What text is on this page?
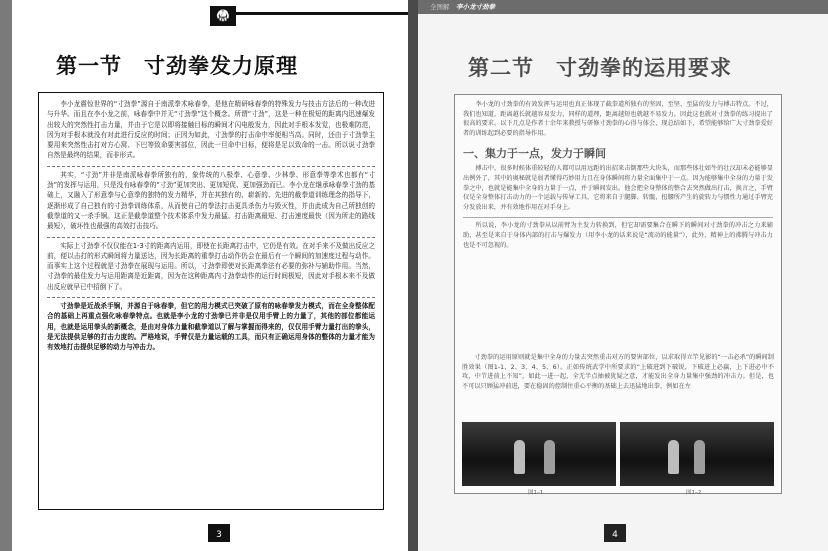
🥋
第一节　寸劲拳发力原理

李小龙震惊世界的“寸劲拳”源自于南派拳术咏春拳，是他在精研咏春拳的特殊发力与技击方法后的一种改进与升华。而且在李小龙之前，咏春拳中并无“寸劲拳”这个概念。所谓“寸劲”，这是一种在极短的距离内迅速爆发出较大的突然性打击力量，并由于它是以即将接触目标的瞬间才闪电般发力，因此对手根本发觉，也极难防范，因为对手根本就没有对此进行反应的时间；正因为如此，寸劲拳的打击命中率便相当高。同时，还由于寸劲拳主要用来突然性击打对方心窝、下巴等致命要害部位，因此一旦命中目标，便将是足以致命的一击。所以说寸劲拳自然是最终的结果，而非形式。

其实，“寸劲”并非是南派咏春拳所独有的，象传统的八极拳、心意拳、少林拳、形意拳等拳术也都有“寸劲”的发挥与运用，只是没有咏春拳的“寸劲”更加突出、更加短促、更加强劲而已。李小龙在继承咏春拳寸劲的基础上，又融入了形意拳与心意拳的独特的发力精华，并在其独有的、崭新的、先进的截拳道训练理念的指导下，逐渐形成了自己独有的寸劲拳训练体系，从而使自己的拳法打击更具杀伤力与毁灭性，并由此成为自己所独创的截拳道的又一杀手锏。这正是截拳道整个技术体系中发力最猛、打击距离最短、打击速度最快（因为所走的路线最短），破坏性也最强的高效打击技巧。

实际上寸劲拳不仅仅能在1-3寸的距离内运用，即使在长距离打击中，它仍是有效。在对手来不及做出反应之前，便以击打的形式瞬间将力量送达，因为长距离的重拳打击动作仍会在最后有一个瞬间的加速度过程与动作。而事实上这个过程就是寸劲拳在展现与运用。所以，寸劲拳即使对长距离拳法有必要的弥补与辅助作用。当然，寸劲拳的最佳发力与运用距离是近距离，因为在这种距离内寸劲拳动作的运行时间极短，因此对手根本来不及做出反应就早已中招倒下了。

寸劲拳是近战杀手锏，并源自于咏春拳，但它的用力模式已突破了原有的咏春拳发力模式，而在全身整体配合的基础上再重点强化咏春拳特点。也就是李小龙的寸劲拳已并非是仅用手臂上的力量了，其他的部位都能运用，也就是运用拳头的新概念，是由对身体力量和截拳道以了解与掌握而得来的，仅仅用手臂力量打出的拳头，是无法提供足够的打击力度的。严格地说，手臂仅是力量运载的工具，而只有正确运用身体的整体的力量才能为有效地打击提供足够的动力与冲击力。

3
全图解 李小龙寸劲拳
第二节　寸劲拳的运用要求

李小龙的寸劲拳的有效发挥与运用也真正体现了截拳道所独有的坚固、至坚、至猛的发力与搏击特点。不过，我们也知道，距离越长就越容易发力，同样的道理，距离越短也就越不易发力。因此这也就对寸劲拳的练习提出了很高的要求。以下几点是作者十余年来教授与研修寸劲拳的心得与体会，现总结如下，希望能够给广大寸劲拳爱好者的训练起到必要的指导作用。

一、集力于一点，发力于瞬间

搏击中，很多时候体重较轻的人都可以用远距的出招来击倒那些大块头，而那些体壮如牛的壮汉却未必能够显出例外了，其中的奥秘就是弱者懂得巧妙用力且在身体瞬间将力量全面集中于一点。因为能够集中全身的力量于发拳之中，也就是能集中全身的力量于一点，并于瞬间发出。他会把全身整体的整合去突然做出打击，换言之，手臂仅是全身整体打击动力的一个运载与传导工具，它将来自于腿脚、转髋、扭腰所产生的旋转力与惯性力通过手臂充分发放出来，并有效地作用在对手身上。

所以说，李小龙的寸劲拳从以前臂为主发力转换到，但它却需要集合在瞬下的瞬间对寸劲拳的冲击之力来辅助，甚至是来自于身体内部的打击与爆发力（用李小龙的话来说是“流动的能量”），此外，精神上的沸腾与冲击力也是不可忽视的。

寸劲拳的运用原则就是集中全身的力量去突然重击对方的要害部位，以求取得立竿见影的“一击必杀”的瞬间制胜效果（图1-1、2、3、4、5、6）。正如传统武学中所要求的“上破进到下破锐，下破进上必赢，上下进必中不攻，中节进前上不知”，如此一进一起，全无半点抽被犹疑之意，才能发出全身力量集中强劲的冲击力。但是，也不可以只顾猛冲前进，要在稳固的控制住重心平衡的基础上去迅猛地出拳，例如在左

图1–1	图1–2
4
